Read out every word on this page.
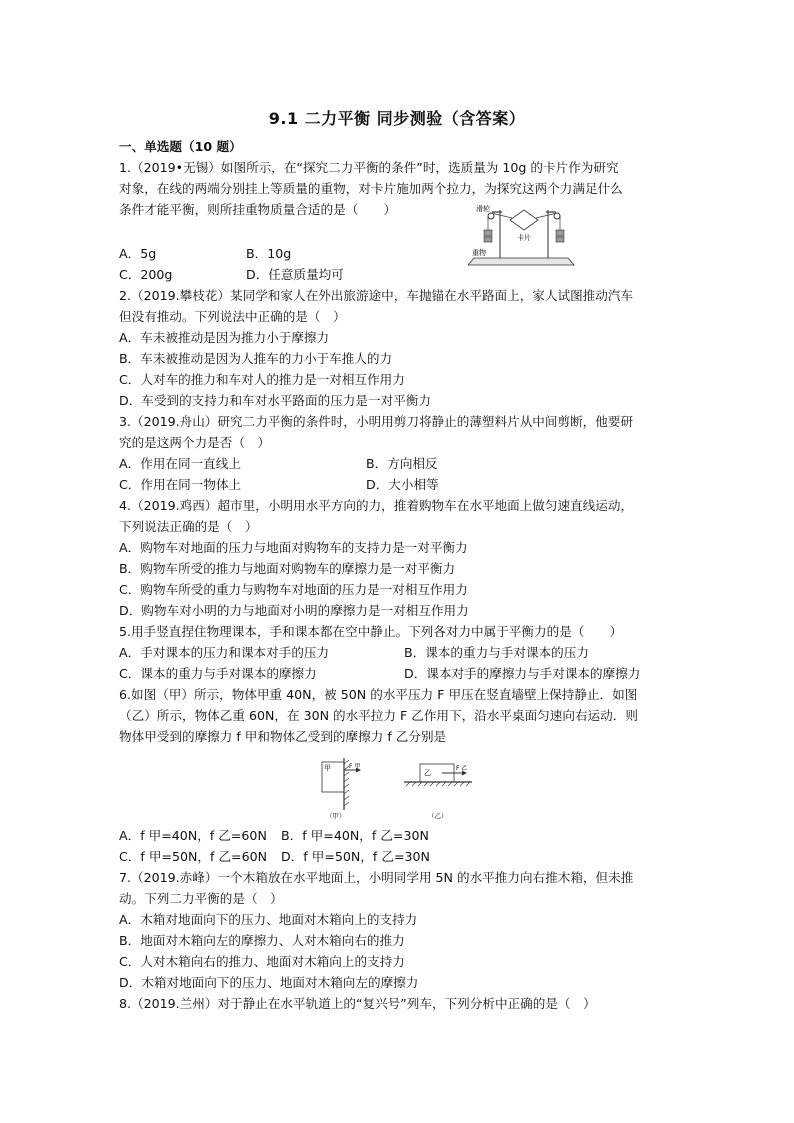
9.1 二力平衡 同步测验（含答案）
一、单选题（10 题）
1.（2019•无锡）如图所示，在“探究二力平衡的条件”时，选质量为 10g 的卡片作为研究
对象，在线的两端分别挂上等质量的重物，对卡片施加两个拉力，为探究这两个力满足什么
条件才能平衡，则所挂重物质量合适的是（　　）	滑轮
卡片
重物
A．5g	B．10g
C．200g	D．任意质量均可
2.（2019.攀枝花）某同学和家人在外出旅游途中，车抛锚在水平路面上，家人试图推动汽车
但没有推动。下列说法中正确的是（　）
A．车未被推动是因为推力小于摩擦力
B．车未被推动是因为人推车的力小于车推人的力
C．人对车的推力和车对人的推力是一对相互作用力
D．车受到的支持力和车对水平路面的压力是一对平衡力
3.（2019.舟山）研究二力平衡的条件时，小明用剪刀将静止的薄塑料片从中间剪断，他要研
究的是这两个力是否（　）
A．作用在同一直线上	B．方向相反
C．作用在同一物体上	D．大小相等
4.（2019.鸡西）超市里，小明用水平方向的力，推着购物车在水平地面上做匀速直线运动，
下列说法正确的是（　）
A．购物车对地面的压力与地面对购物车的支持力是一对平衡力
B．购物车所受的推力与地面对购物车的摩擦力是一对平衡力
C．购物车所受的重力与购物车对地面的压力是一对相互作用力
D．购物车对小明的力与地面对小明的摩擦力是一对相互作用力
5.用手竖直捏住物理课本，手和课本都在空中静止。下列各对力中属于平衡力的是（　　）
A．手对课本的压力和课本对手的压力	B．课本的重力与手对课本的压力
C．课本的重力与手对课本的摩擦力	D．课本对手的摩擦力与手对课本的摩擦力
6.如图（甲）所示，物体甲重 40N，被 50N 的水平压力 F 甲压在竖直墙壁上保持静止．如图
（乙）所示，物体乙重 60N，在 30N 的水平拉力 F 乙作用下，沿水平桌面匀速向右运动．则
物体甲受到的摩擦力 f 甲和物体乙受到的摩擦力 f 乙分别是
甲	F 甲
（甲）
乙
F 乙
（乙）
A．f 甲=40N，f 乙=60N B．f 甲=40N，f 乙=30N
C．f 甲=50N，f 乙=60N D．f 甲=50N，f 乙=30N
7.（2019.赤峰）一个木箱放在水平地面上，小明同学用 5N 的水平推力向右推木箱，但未推
动。下列二力平衡的是（　）
A．木箱对地面向下的压力、地面对木箱向上的支持力
B．地面对木箱向左的摩擦力、人对木箱向右的推力
C．人对木箱向右的推力、地面对木箱向上的支持力
D．木箱对地面向下的压力、地面对木箱向左的摩擦力
8.（2019.兰州）对于静止在水平轨道上的“复兴号”列车，下列分析中正确的是（　）
